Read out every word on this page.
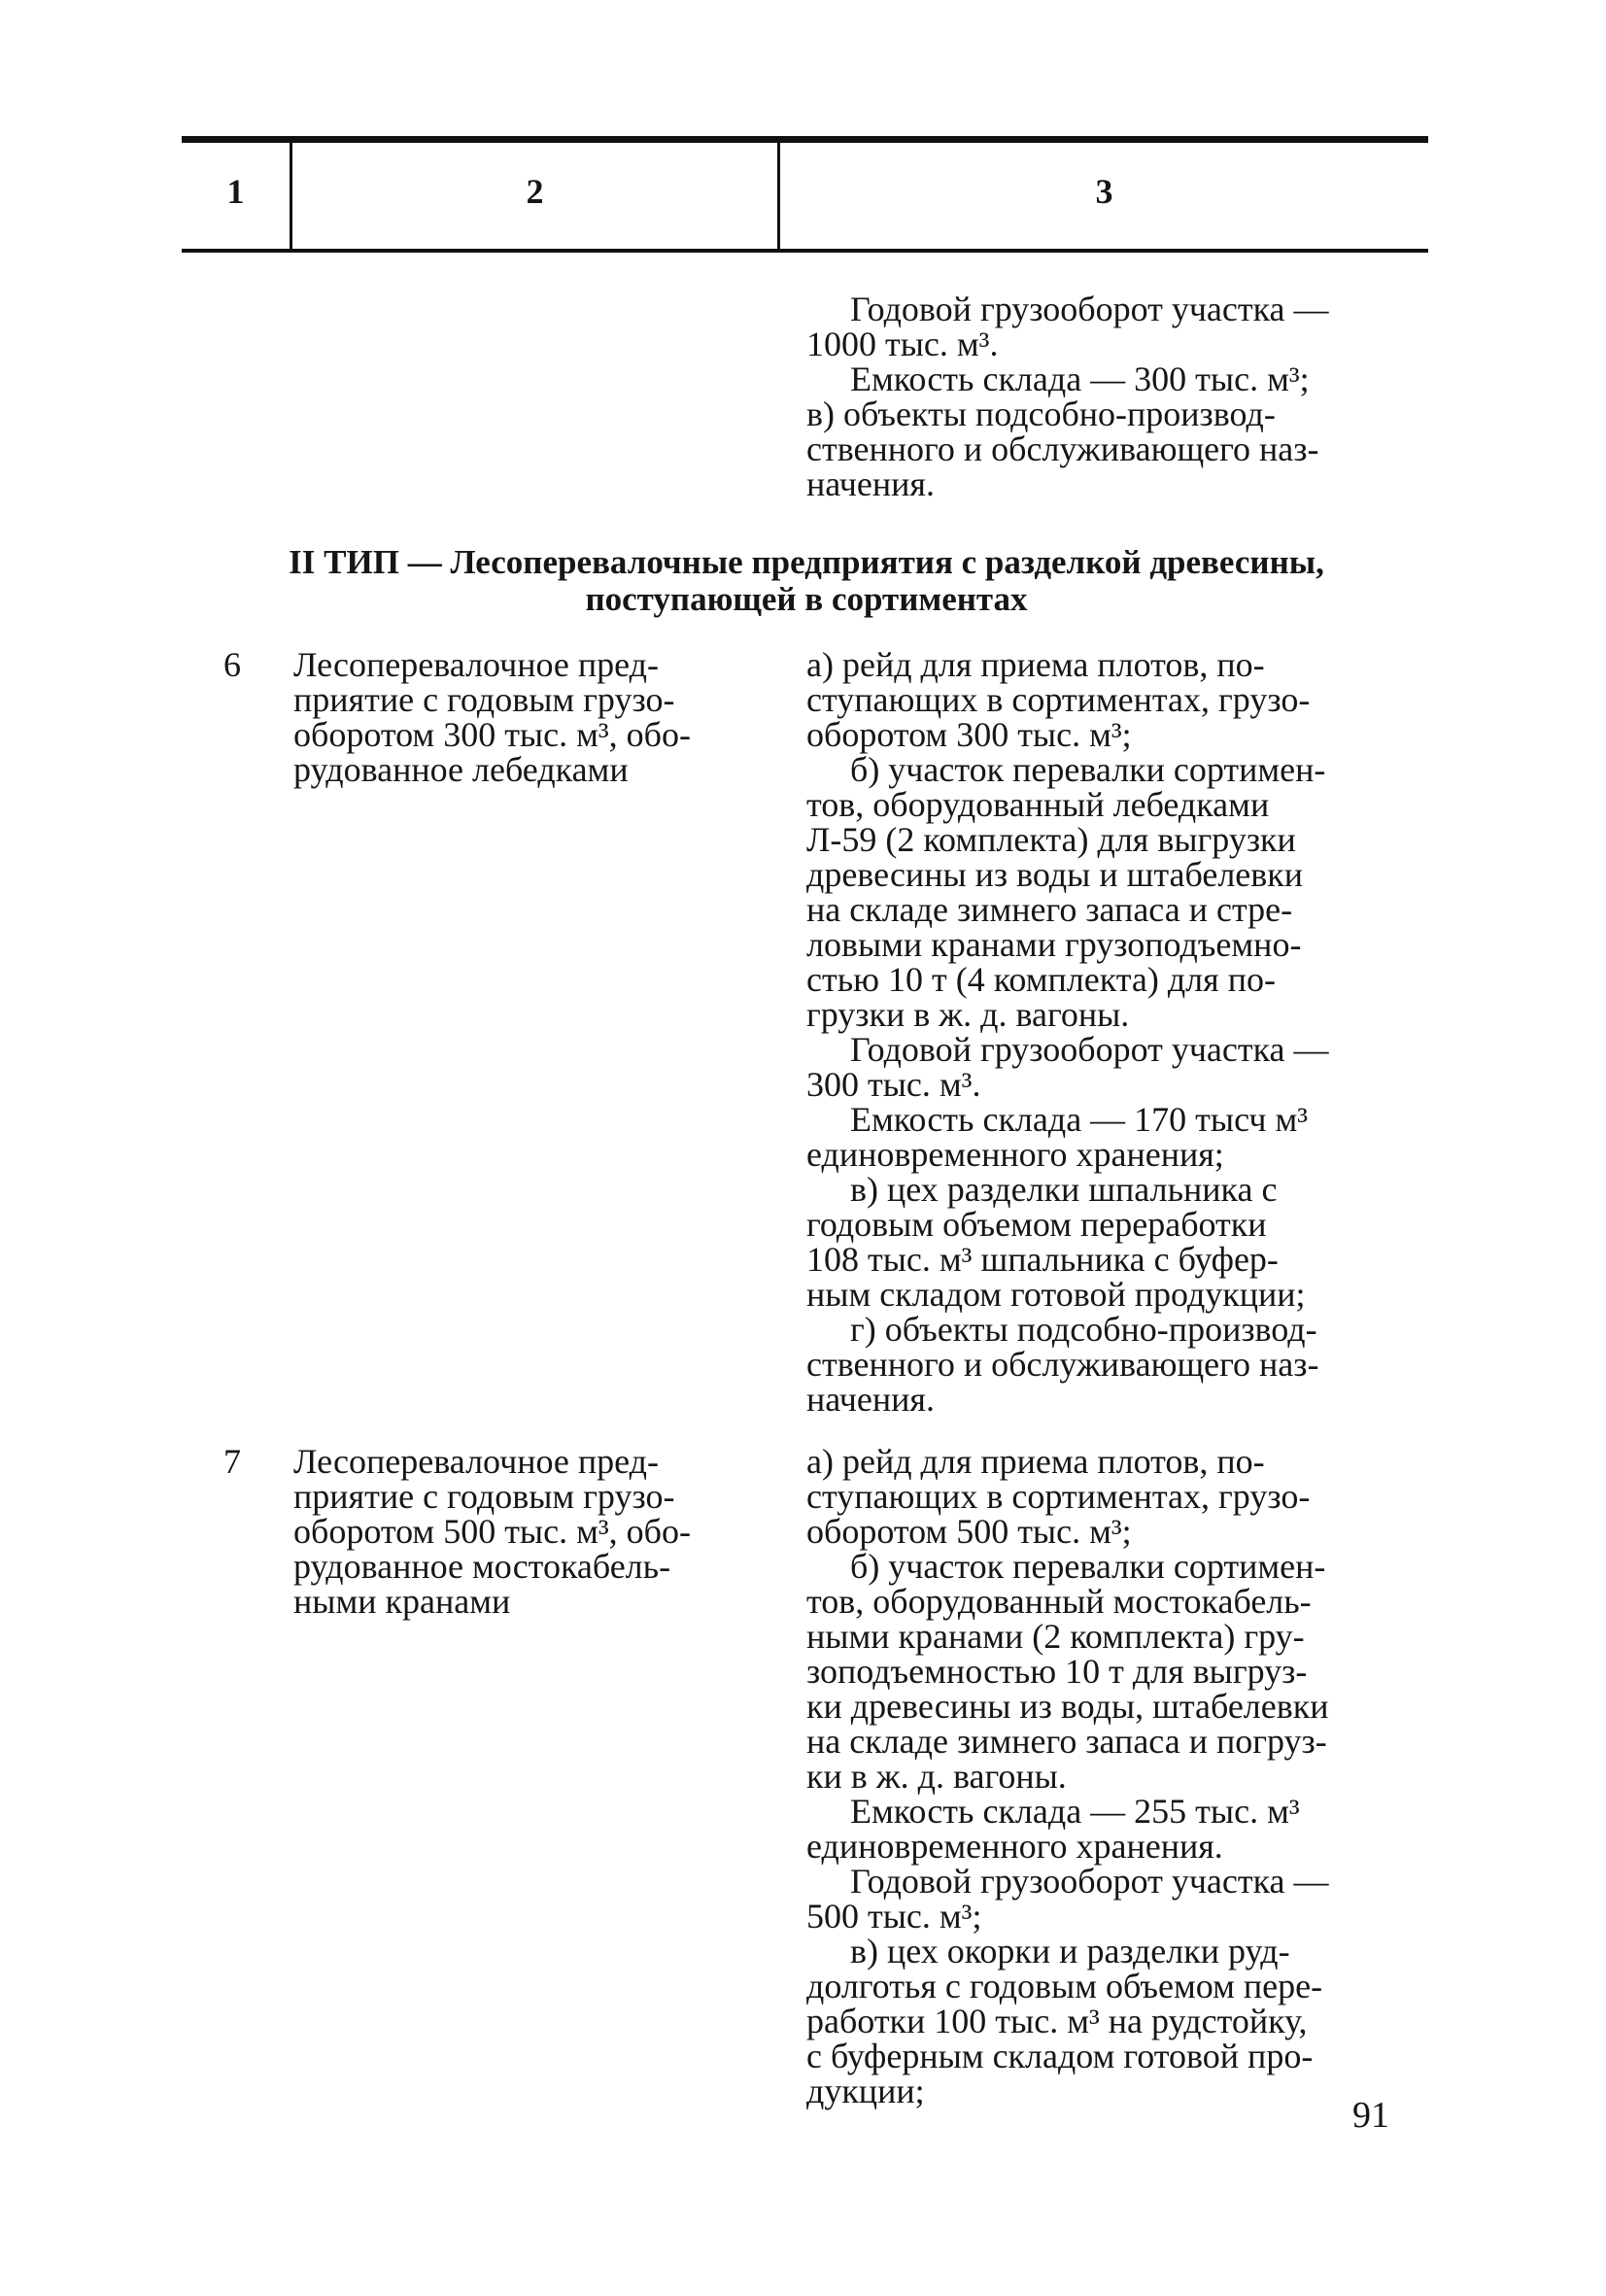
1	2	3
Годовой грузооборот участка —
1000 тыс. м³.
Емкость склада — 300 тыс. м³;
в) объекты подсобно-производ-
ственного и обслуживающего наз-
начения.
II ТИП — Лесоперевалочные предприятия с разделкой древесины,
поступающей в сортиментах
6 Лесоперевалочное пред-
приятие с годовым грузо-
оборотом 300 тыс. м³, обо-
рудованное лебедками
а) рейд для приема плотов, по-
ступающих в сортиментах, грузо-
оборотом 300 тыс. м³;
б) участок перевалки сортимен-
тов, оборудованный лебедками
Л-59 (2 комплекта) для выгрузки
древесины из воды и штабелевки
на складе зимнего запаса и стре-
ловыми кранами грузоподъемно-
стью 10 т (4 комплекта) для по-
грузки в ж. д. вагоны.
Годовой грузооборот участка —
300 тыс. м³.
Емкость склада — 170 тысч м³
единовременного хранения;
в) цех разделки шпальника с
годовым объемом переработки
108 тыс. м³ шпальника с буфер-
ным складом готовой продукции;
г) объекты подсобно-производ-
ственного и обслуживающего наз-
начения.
7 Лесоперевалочное пред-
приятие с годовым грузо-
оборотом 500 тыс. м³, обо-
рудованное мостокабель-
ными кранами
а) рейд для приема плотов, по-
ступающих в сортиментах, грузо-
оборотом 500 тыс. м³;
б) участок перевалки сортимен-
тов, оборудованный мостокабель-
ными кранами (2 комплекта) гру-
зоподъемностью 10 т для выгруз-
ки древесины из воды, штабелевки
на складе зимнего запаса и погруз-
ки в ж. д. вагоны.
Емкость склада — 255 тыс. м³
единовременного хранения.
Годовой грузооборот участка —
500 тыс. м³;
в) цех окорки и разделки руд-
долготья с годовым объемом пере-
работки 100 тыс. м³ на рудстойку,
с буферным складом готовой про-
дукции;
91
